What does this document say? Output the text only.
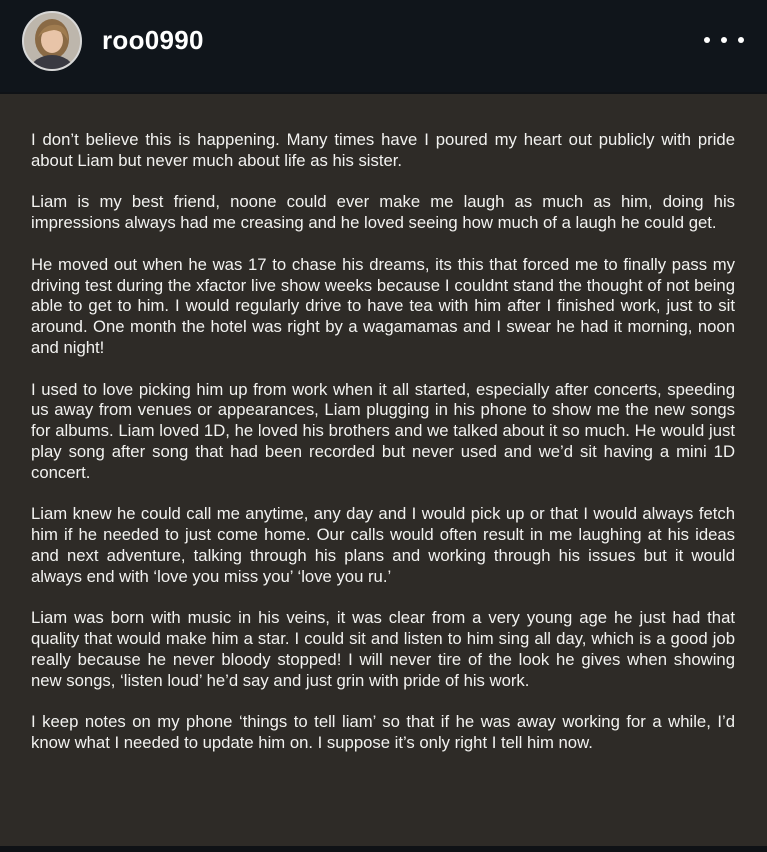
roo0990

I don’t believe this is happening. Many times have I poured my heart out publicly with pride about Liam but never much about life as his sister.

Liam is my best friend, noone could ever make me laugh as much as him, doing his impressions always had me creasing and he loved seeing how much of a laugh he could get.

He moved out when he was 17 to chase his dreams, its this that forced me to finally pass my driving test during the xfactor live show weeks because I couldnt stand the thought of not being able to get to him. I would regularly drive to have tea with him after I finished work, just to sit around. One month the hotel was right by a wagamamas and I swear he had it morning, noon and night!

I used to love picking him up from work when it all started, especially after concerts, speeding us away from venues or appearances, Liam plugging in his phone to show me the new songs for albums. Liam loved 1D, he loved his brothers and we talked about it so much. He would just play song after song that had been recorded but never used and we’d sit having a mini 1D concert.

Liam knew he could call me anytime, any day and I would pick up or that I would always fetch him if he needed to just come home. Our calls would often result in me laughing at his ideas and next adventure, talking through his plans and working through his issues but it would always end with ‘love you miss you’ ‘love you ru.’

Liam was born with music in his veins, it was clear from a very young age he just had that quality that would make him a star. I could sit and listen to him sing all day, which is a good job really because he never bloody stopped! I will never tire of the look he gives when showing new songs, ‘listen loud’ he’d say and just grin with pride of his work.

I keep notes on my phone ‘things to tell liam’ so that if he was away working for a while, I’d know what I needed to update him on. I suppose it’s only right I tell him now.
